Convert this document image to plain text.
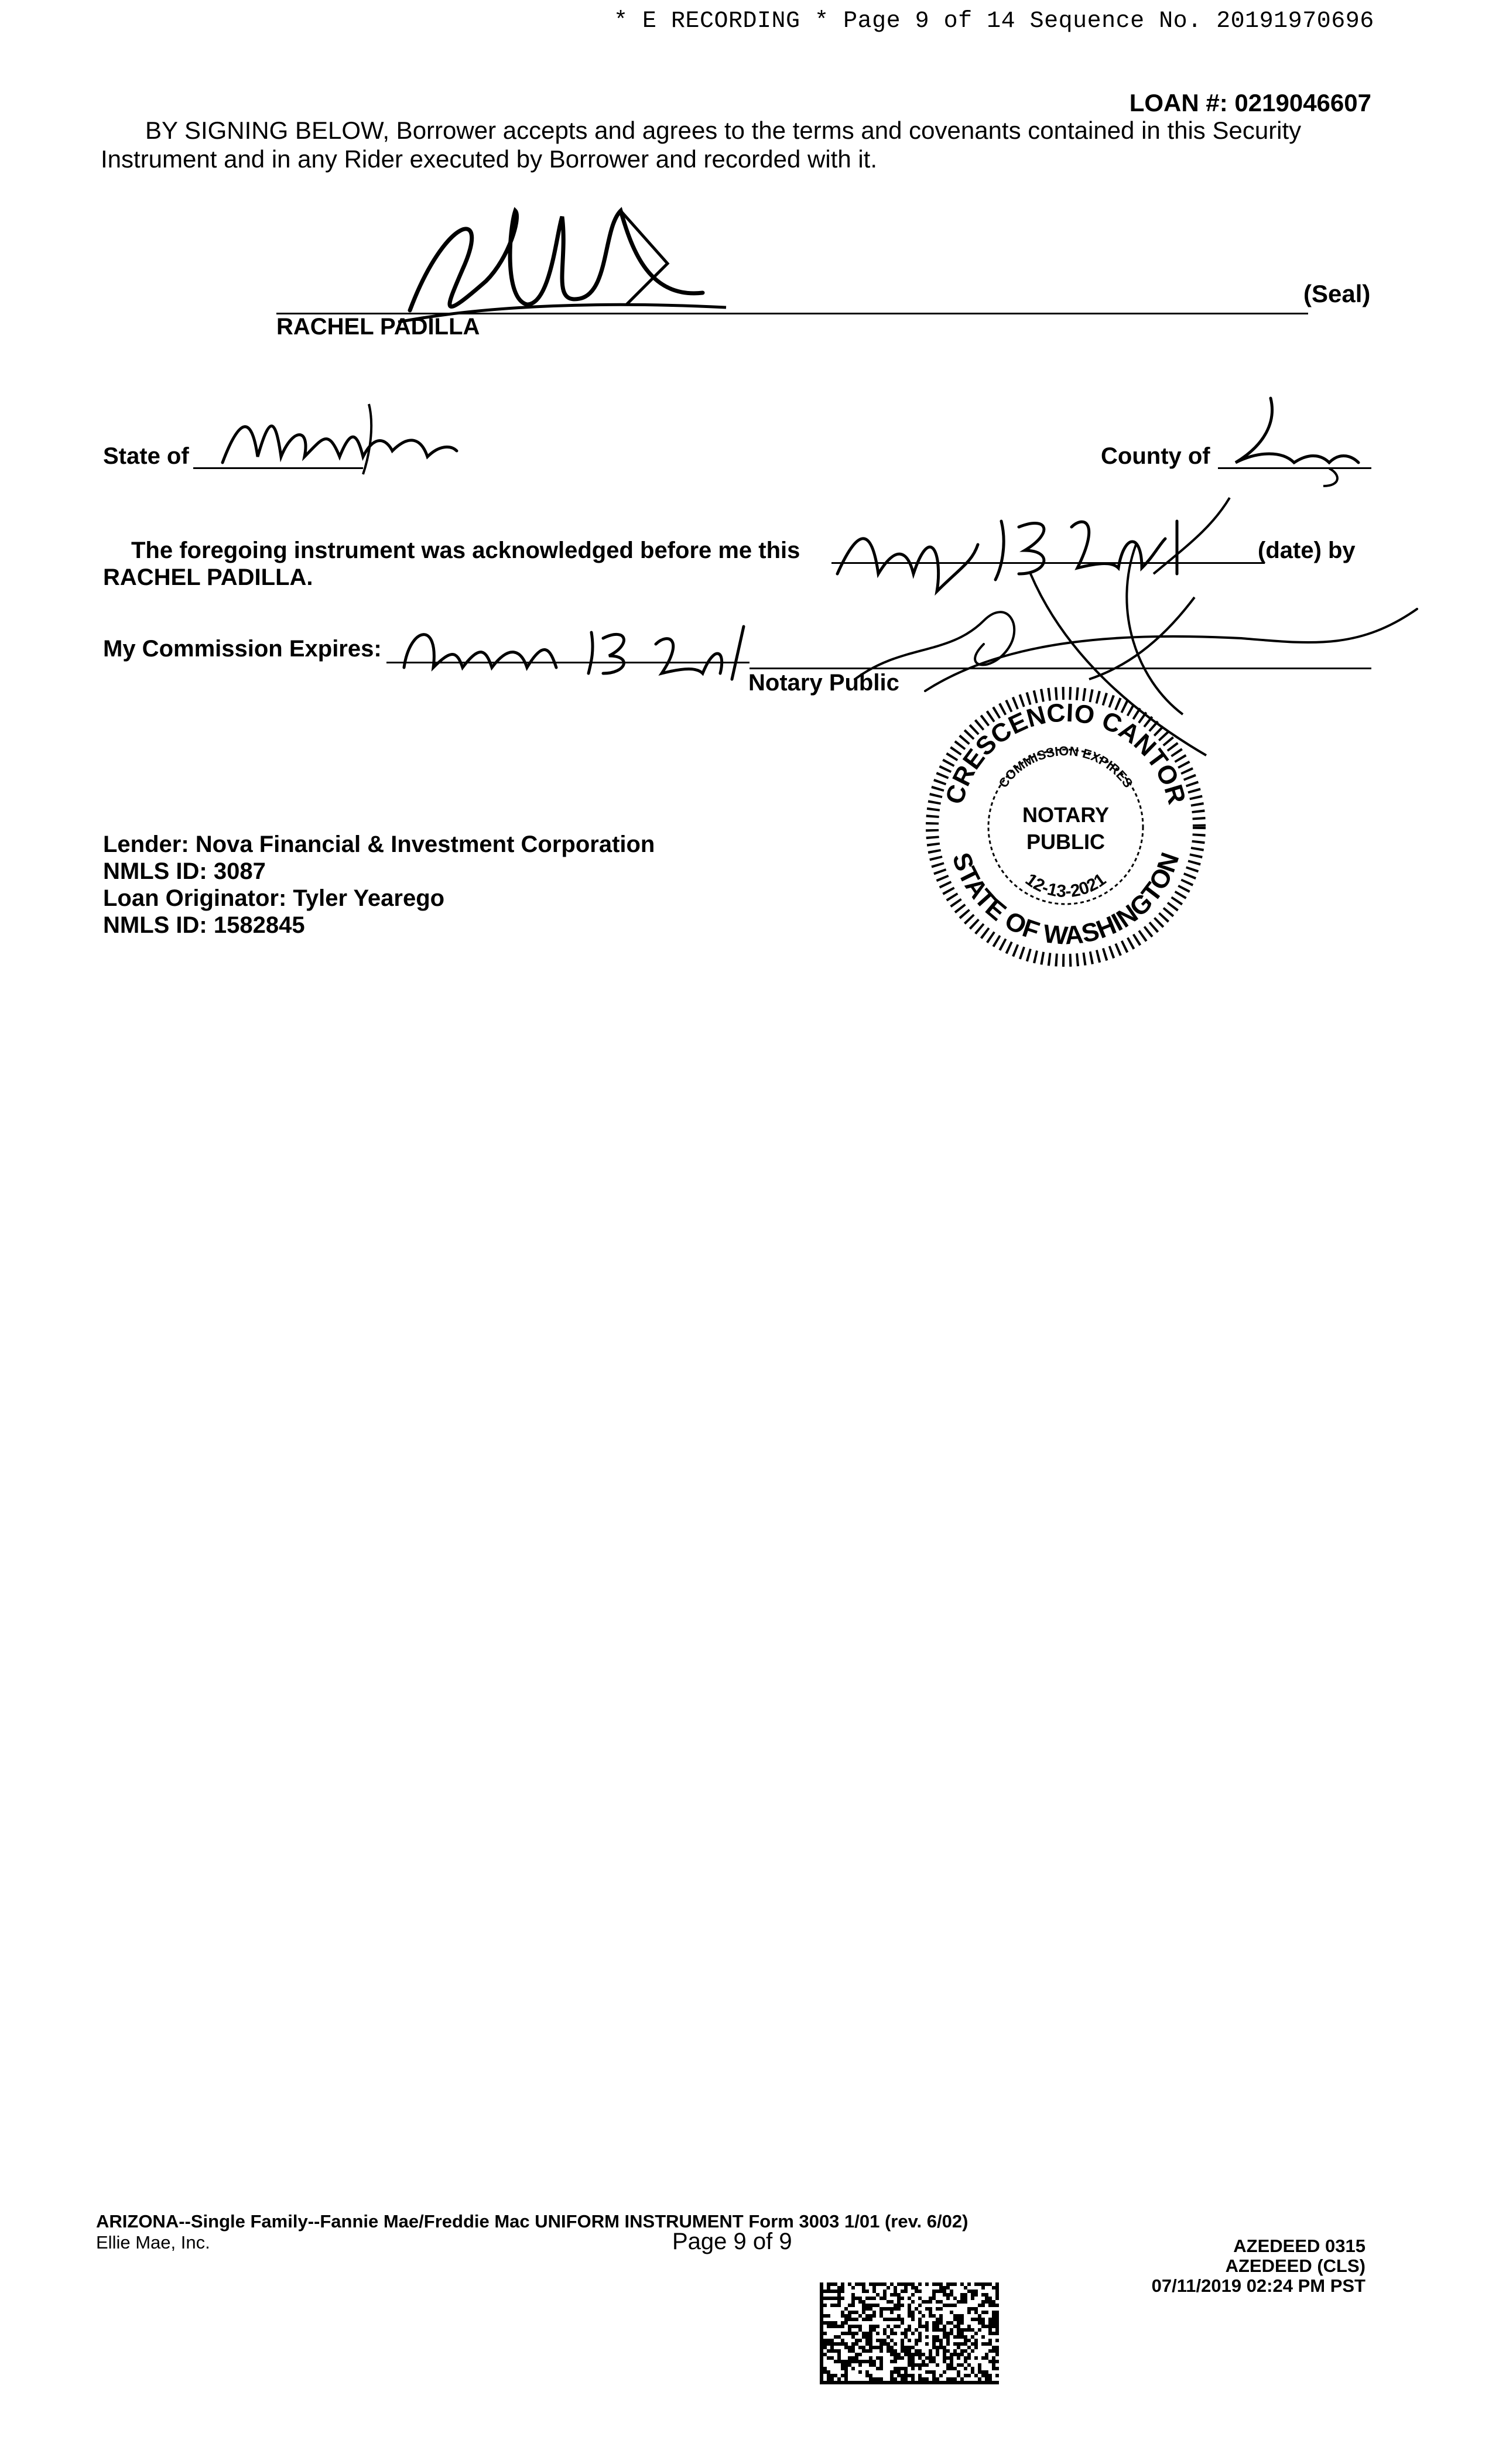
* E RECORDING * Page 9 of 14 Sequence No. 20191970696
LOAN #: 0219046607
BY SIGNING BELOW, Borrower accepts and agrees to the terms and covenants contained in this Security
Instrument and in any Rider executed by Borrower and recorded with it.
(Seal)
RACHEL PADILLA
State of	County of
The foregoing instrument was acknowledged before me this	(date) by
RACHEL PADILLA.
My Commission Expires:
Notary Public
CRESCENCIO CANTOR
STATE OF WASHINGTON
COMMISSION EXPIRES
12-13-2021
NOTARY
PUBLIC
Lender: Nova Financial & Investment Corporation
NMLS ID: 3087
Loan Originator: Tyler Yearego
NMLS ID: 1582845
ARIZONA--Single Family--Fannie Mae/Freddie Mac UNIFORM INSTRUMENT Form 3003 1/01 (rev. 6/02)
Ellie Mae, Inc.	Page 9 of 9	AZEDEED 0315
AZEDEED (CLS)
07/11/2019 02:24 PM PST
